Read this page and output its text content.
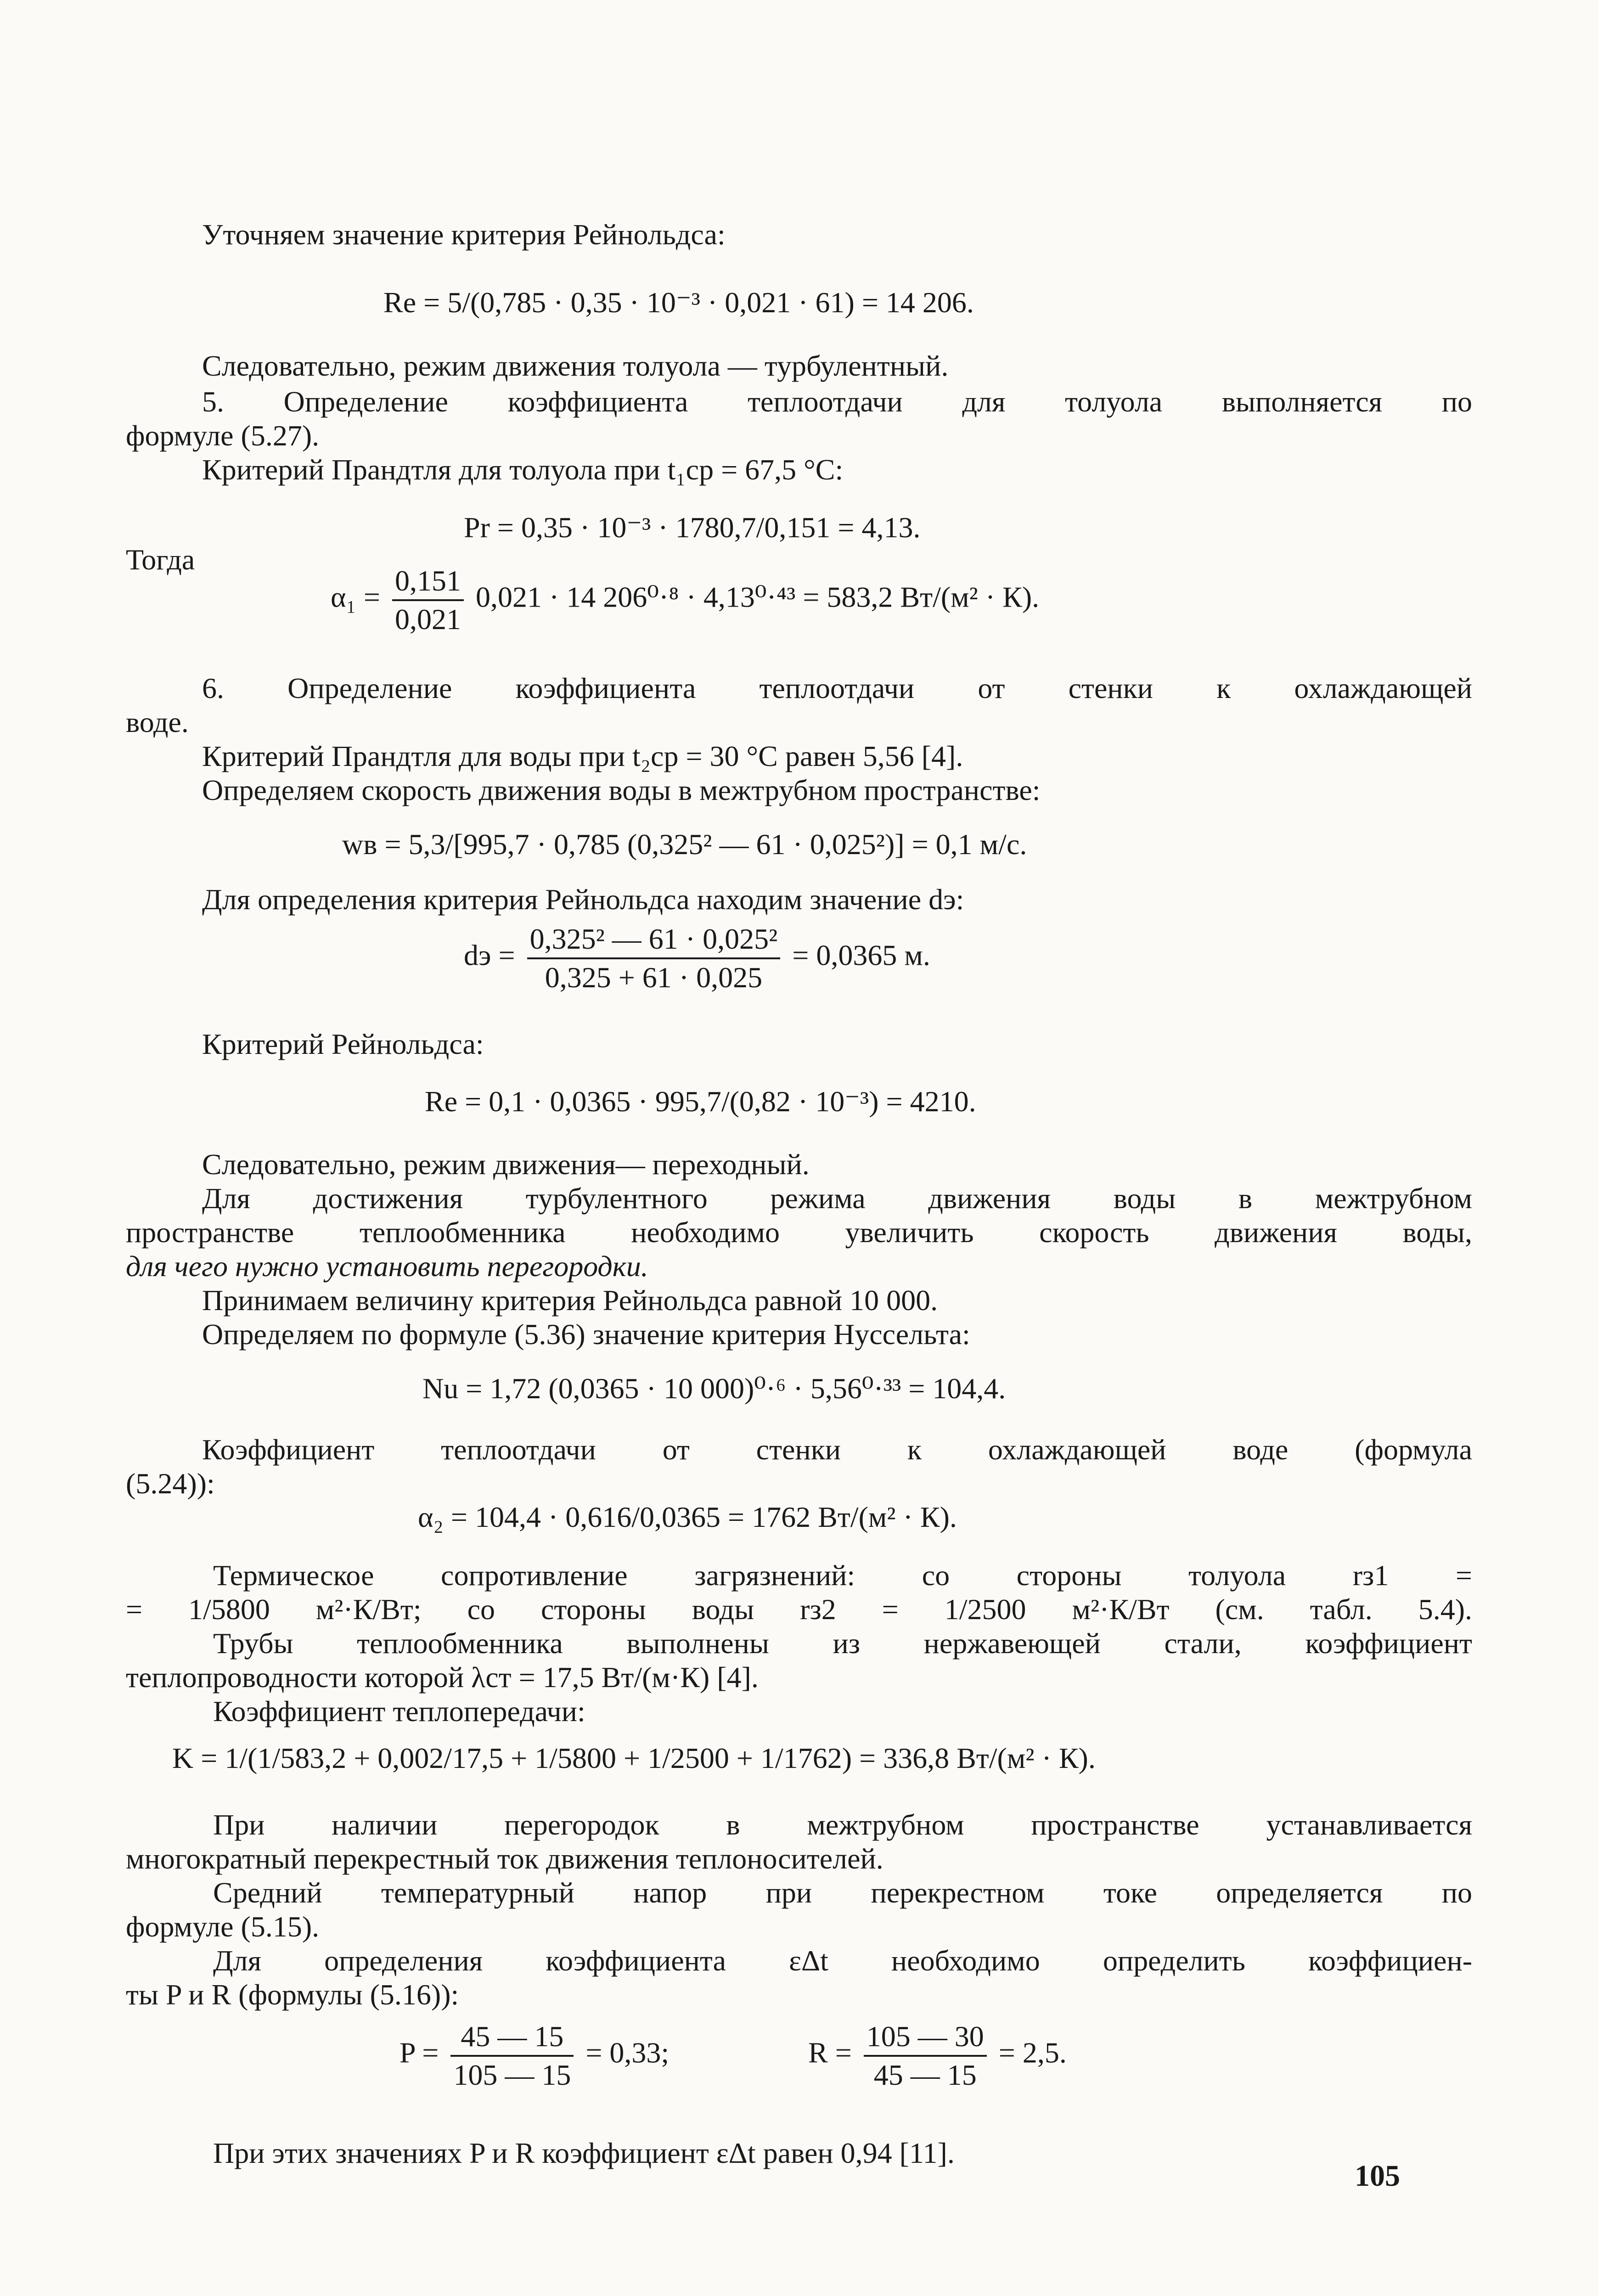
Уточняем значение критерия Рейнольдса:
Re = 5/(0,785 · 0,35 · 10⁻³ · 0,021 · 61) = 14 206.
Следовательно, режим движения толуола — турбулентный.
5. Определение коэффициента теплоотдачи для толуола выполняется по
формуле (5.27).
Критерий Прандтля для толуола при t₁ср = 67,5 °С:
Pr = 0,35 · 10⁻³ · 1780,7/0,151 = 4,13.
Тогда
$\alpha_1 = \frac{0,151}{0,021} 0,021 \cdot 14$ 206⁰·⁸ · 4,13⁰·⁴³ = 583,2 Вт/(м² · К).
6. Определение коэффициента теплоотдачи от стенки к охлаждающей
воде.
Критерий Прандтля для воды при t₂ср = 30 °С равен 5,56 [4].
Определяем скорость движения воды в межтрубном пространстве:
wв = 5,3/[995,7 · 0,785 (0,325² — 61 · 0,025²)] = 0,1 м/с.
Для определения критерия Рейнольдса находим значение dэ:
dэ = $\frac{\text{0,325² — 61 · 0,025²}}{0,325 + 61 \cdot 0,025} = 0,0365$ м.
Критерий Рейнольдса:
Re = 0,1 · 0,0365 · 995,7/(0,82 · 10⁻³) = 4210.
Следовательно, режим движения— переходный.
Для достижения турбулентного режима движения воды в межтрубном
пространстве теплообменника необходимо увеличить скорость движения воды,
для чего нужно установить перегородки.
Принимаем величину критерия Рейнольдса равной 10 000.
Определяем по формуле (5.36) значение критерия Нуссельта:
Nu = 1,72 (0,0365 · 10 000)⁰·⁶ · 5,56⁰·³³ = 104,4.
Коэффициент теплоотдачи от стенки к охлаждающей воде (формула
(5.24)):
α₂ = 104,4 · 0,616/0,0365 = 1762 Вт/(м² · К).
Термическое сопротивление загрязнений: со стороны толуола rз1 =
= 1/5800 м²·К/Вт; со стороны воды rз2 = 1/2500 м²·К/Вт (см. табл. 5.4).
Трубы теплообменника выполнены из нержавеющей стали, коэффициент
теплопроводности которой λст = 17,5 Вт/(м·К) [4].
Коэффициент теплопередачи:
K = 1/(1/583,2 + 0,002/17,5 + 1/5800 + 1/2500 + 1/1762) = 336,8 Вт/(м² · К).
При наличии перегородок в межтрубном пространстве устанавливается
многократный перекрестный ток движения теплоносителей.
Средний температурный напор при перекрестном токе определяется по
формуле (5.15).
Для определения коэффициента εΔt необходимо определить коэффициен-
ты P и R (формулы (5.16)):
$P = \frac{45 — 15}{105 — 15} = 0,33$;	$R = \frac{105 — 30}{45 — 15} = 2,5$.
При этих значениях P и R коэффициент εΔt равен 0,94 [11].
105
